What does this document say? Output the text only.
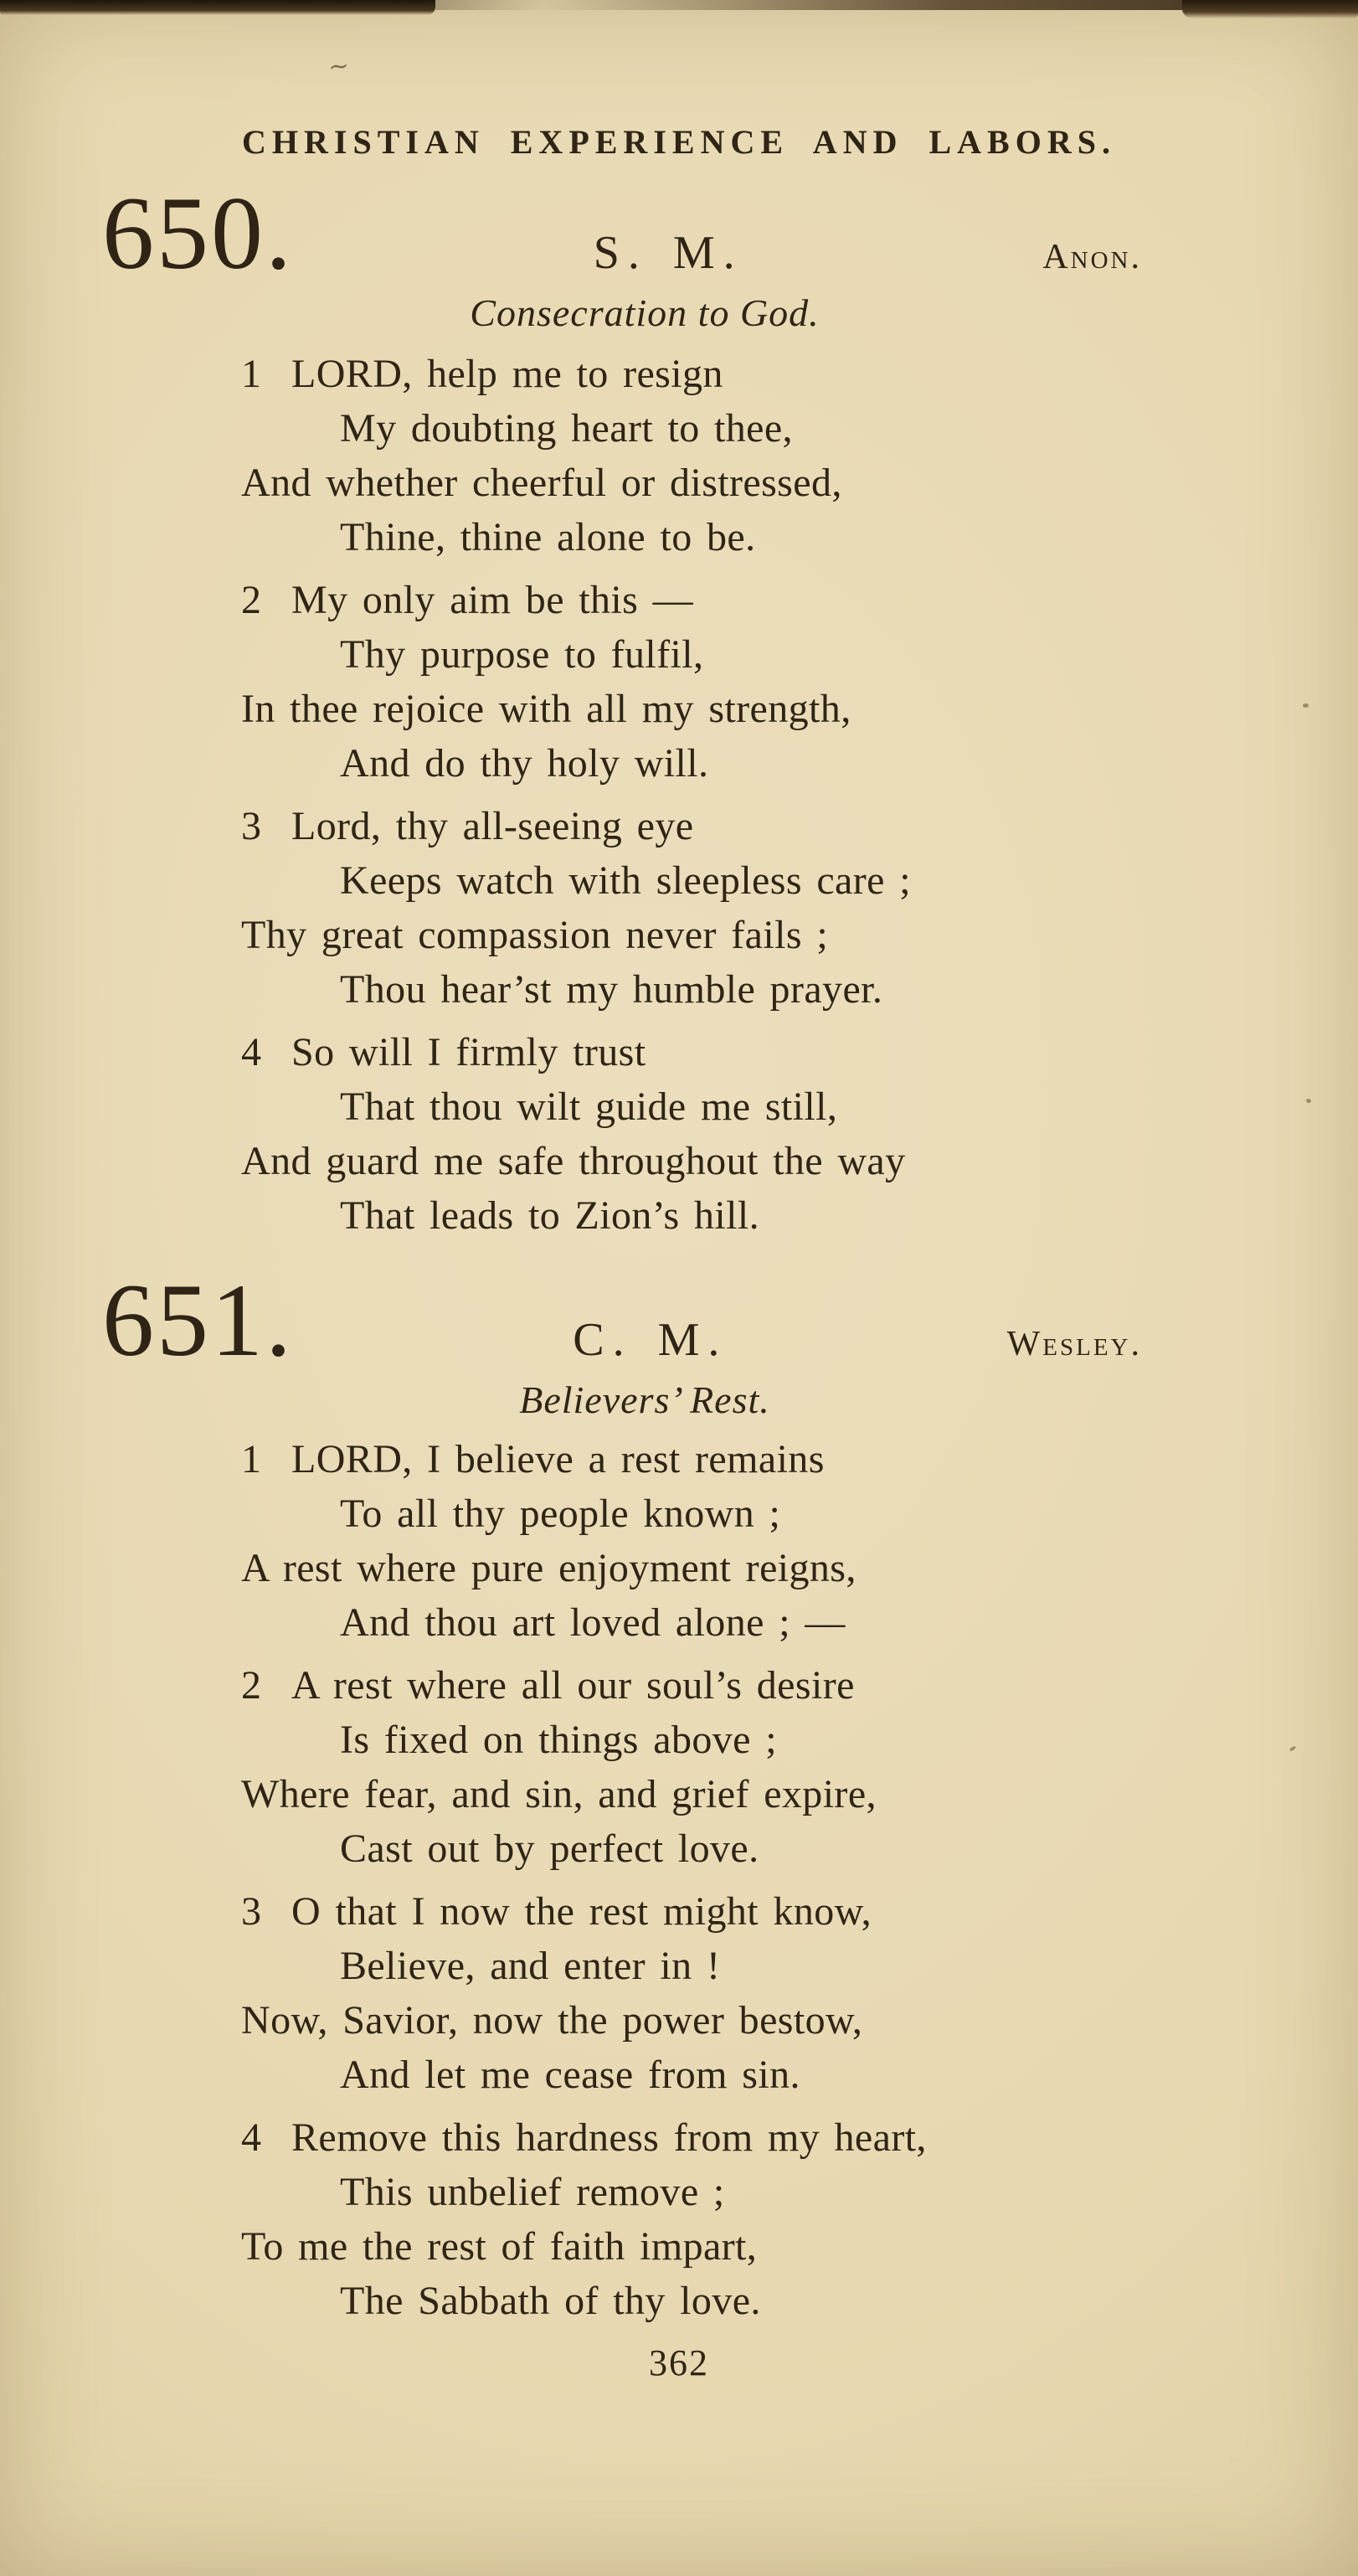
∼
CHRISTIAN EXPERIENCE AND LABORS.
650.	S. M.	Anon.
Consecration to God.
1 LORD, help me to resign
My doubting heart to thee,
And whether cheerful or distressed,
Thine, thine alone to be.
2 My only aim be this —
Thy purpose to fulfil,
In thee rejoice with all my strength,
And do thy holy will.
3 Lord, thy all-seeing eye
Keeps watch with sleepless care ;
Thy great compassion never fails ;
Thou hear’st my humble prayer.
4 So will I firmly trust
That thou wilt guide me still,
And guard me safe throughout the way
That leads to Zion’s hill.
651.	C. M.	Wesley.
Believers’ Rest.
1 LORD, I believe a rest remains
To all thy people known ;
A rest where pure enjoyment reigns,
And thou art loved alone ; —
2 A rest where all our soul’s desire
Is fixed on things above ;
Where fear, and sin, and grief expire,
Cast out by perfect love.
3 O that I now the rest might know,
Believe, and enter in !
Now, Savior, now the power bestow,
And let me cease from sin.
4 Remove this hardness from my heart,
This unbelief remove ;
To me the rest of faith impart,
The Sabbath of thy love.
362
